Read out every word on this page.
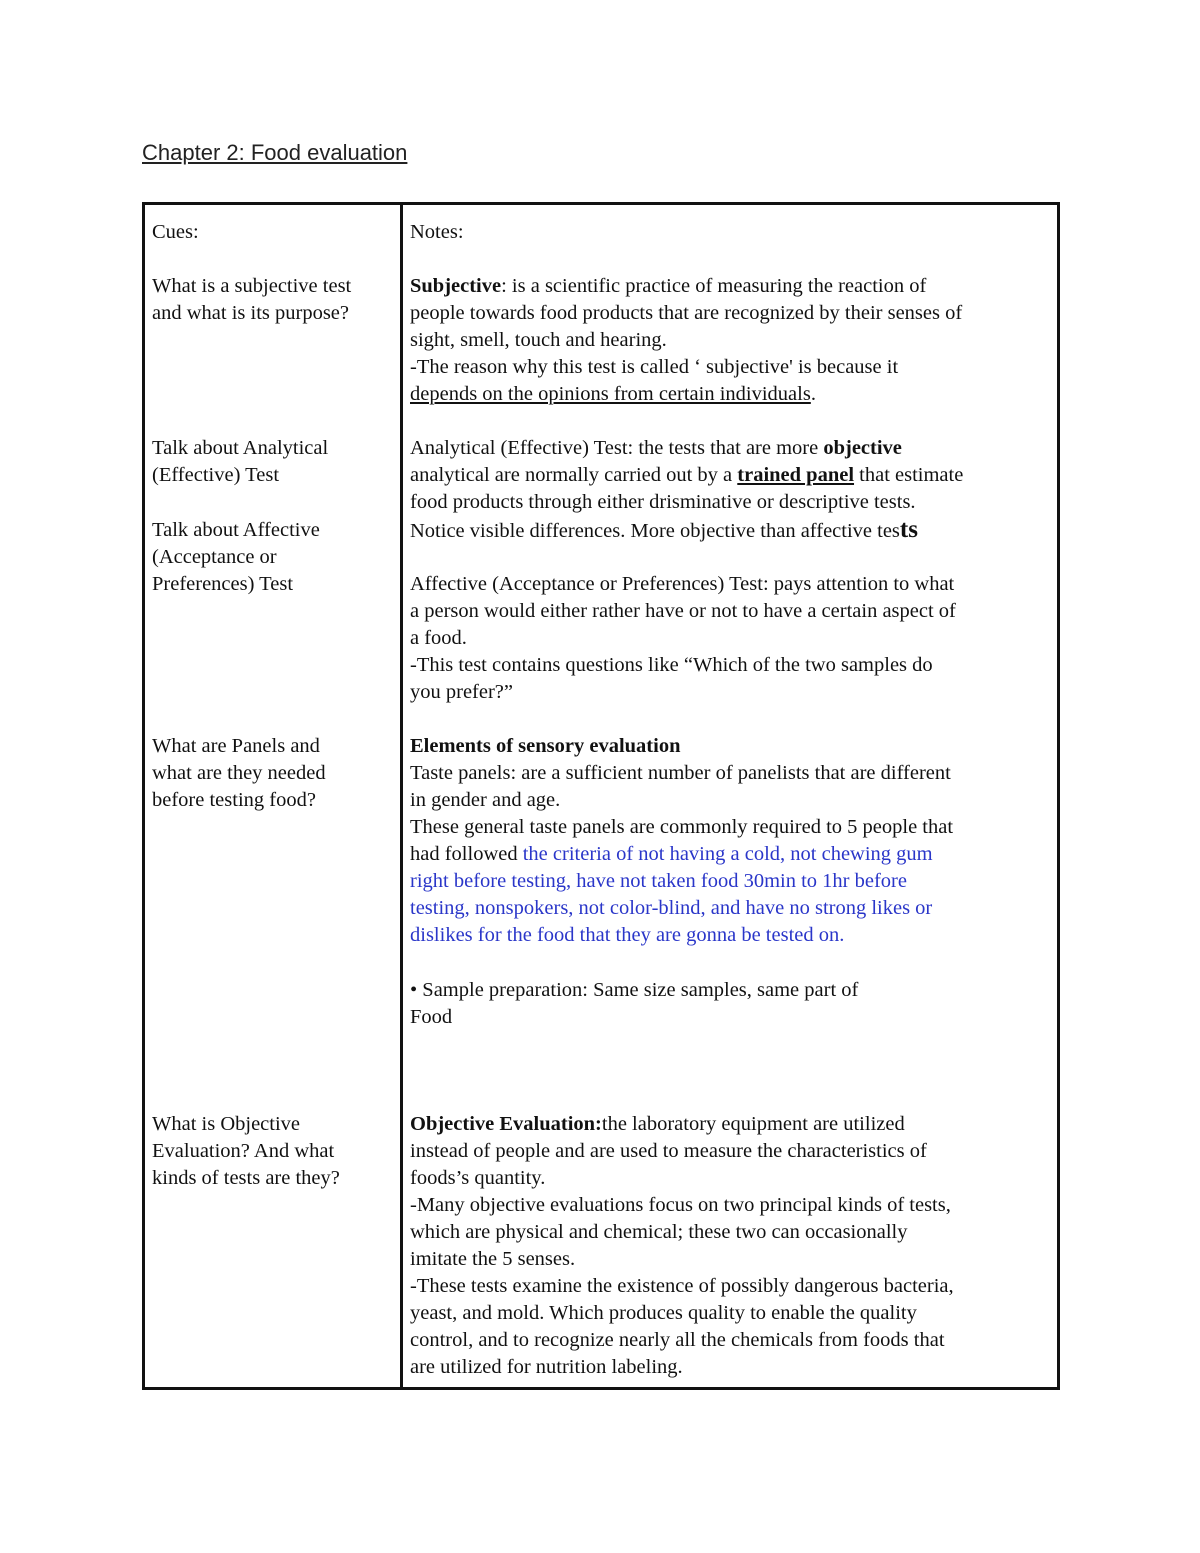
Chapter 2: Food evaluation
Cues:
What is a subjective test
and what is its purpose?
Talk about Analytical
(Effective) Test
Talk about Affective
(Acceptance or
Preferences) Test
What are Panels and
what are they needed
before testing food?
What is Objective
Evaluation? And what
kinds of tests are they?
Notes:
Subjective: is a scientific practice of measuring the reaction of
people towards food products that are recognized by their senses of
sight, smell, touch and hearing.
-The reason why this test is called ‘ subjective' is because it
depends on the opinions from certain individuals.
Analytical (Effective) Test: the tests that are more objective
analytical are normally carried out by a trained panel that estimate
food products through either drisminative or descriptive tests.
Notice visible differences. More objective than affective tests
Affective (Acceptance or Preferences) Test: pays attention to what
a person would either rather have or not to have a certain aspect of
a food.
-This test contains questions like “Which of the two samples do
you prefer?”
Elements of sensory evaluation
Taste panels: are a sufficient number of panelists that are different
in gender and age.
These general taste panels are commonly required to 5 people that
had followed the criteria of not having a cold, not chewing gum
right before testing, have not taken food 30min to 1hr before
testing, nonspokers, not color-blind, and have no strong likes or
dislikes for the food that they are gonna be tested on.
• Sample preparation: Same size samples, same part of
Food
Objective Evaluation:the laboratory equipment are utilized
instead of people and are used to measure the characteristics of
foods’s quantity.
-Many objective evaluations focus on two principal kinds of tests,
which are physical and chemical; these two can occasionally
imitate the 5 senses.
-These tests examine the existence of possibly dangerous bacteria,
yeast, and mold. Which produces quality to enable the quality
control, and to recognize nearly all the chemicals from foods that
are utilized for nutrition labeling.
